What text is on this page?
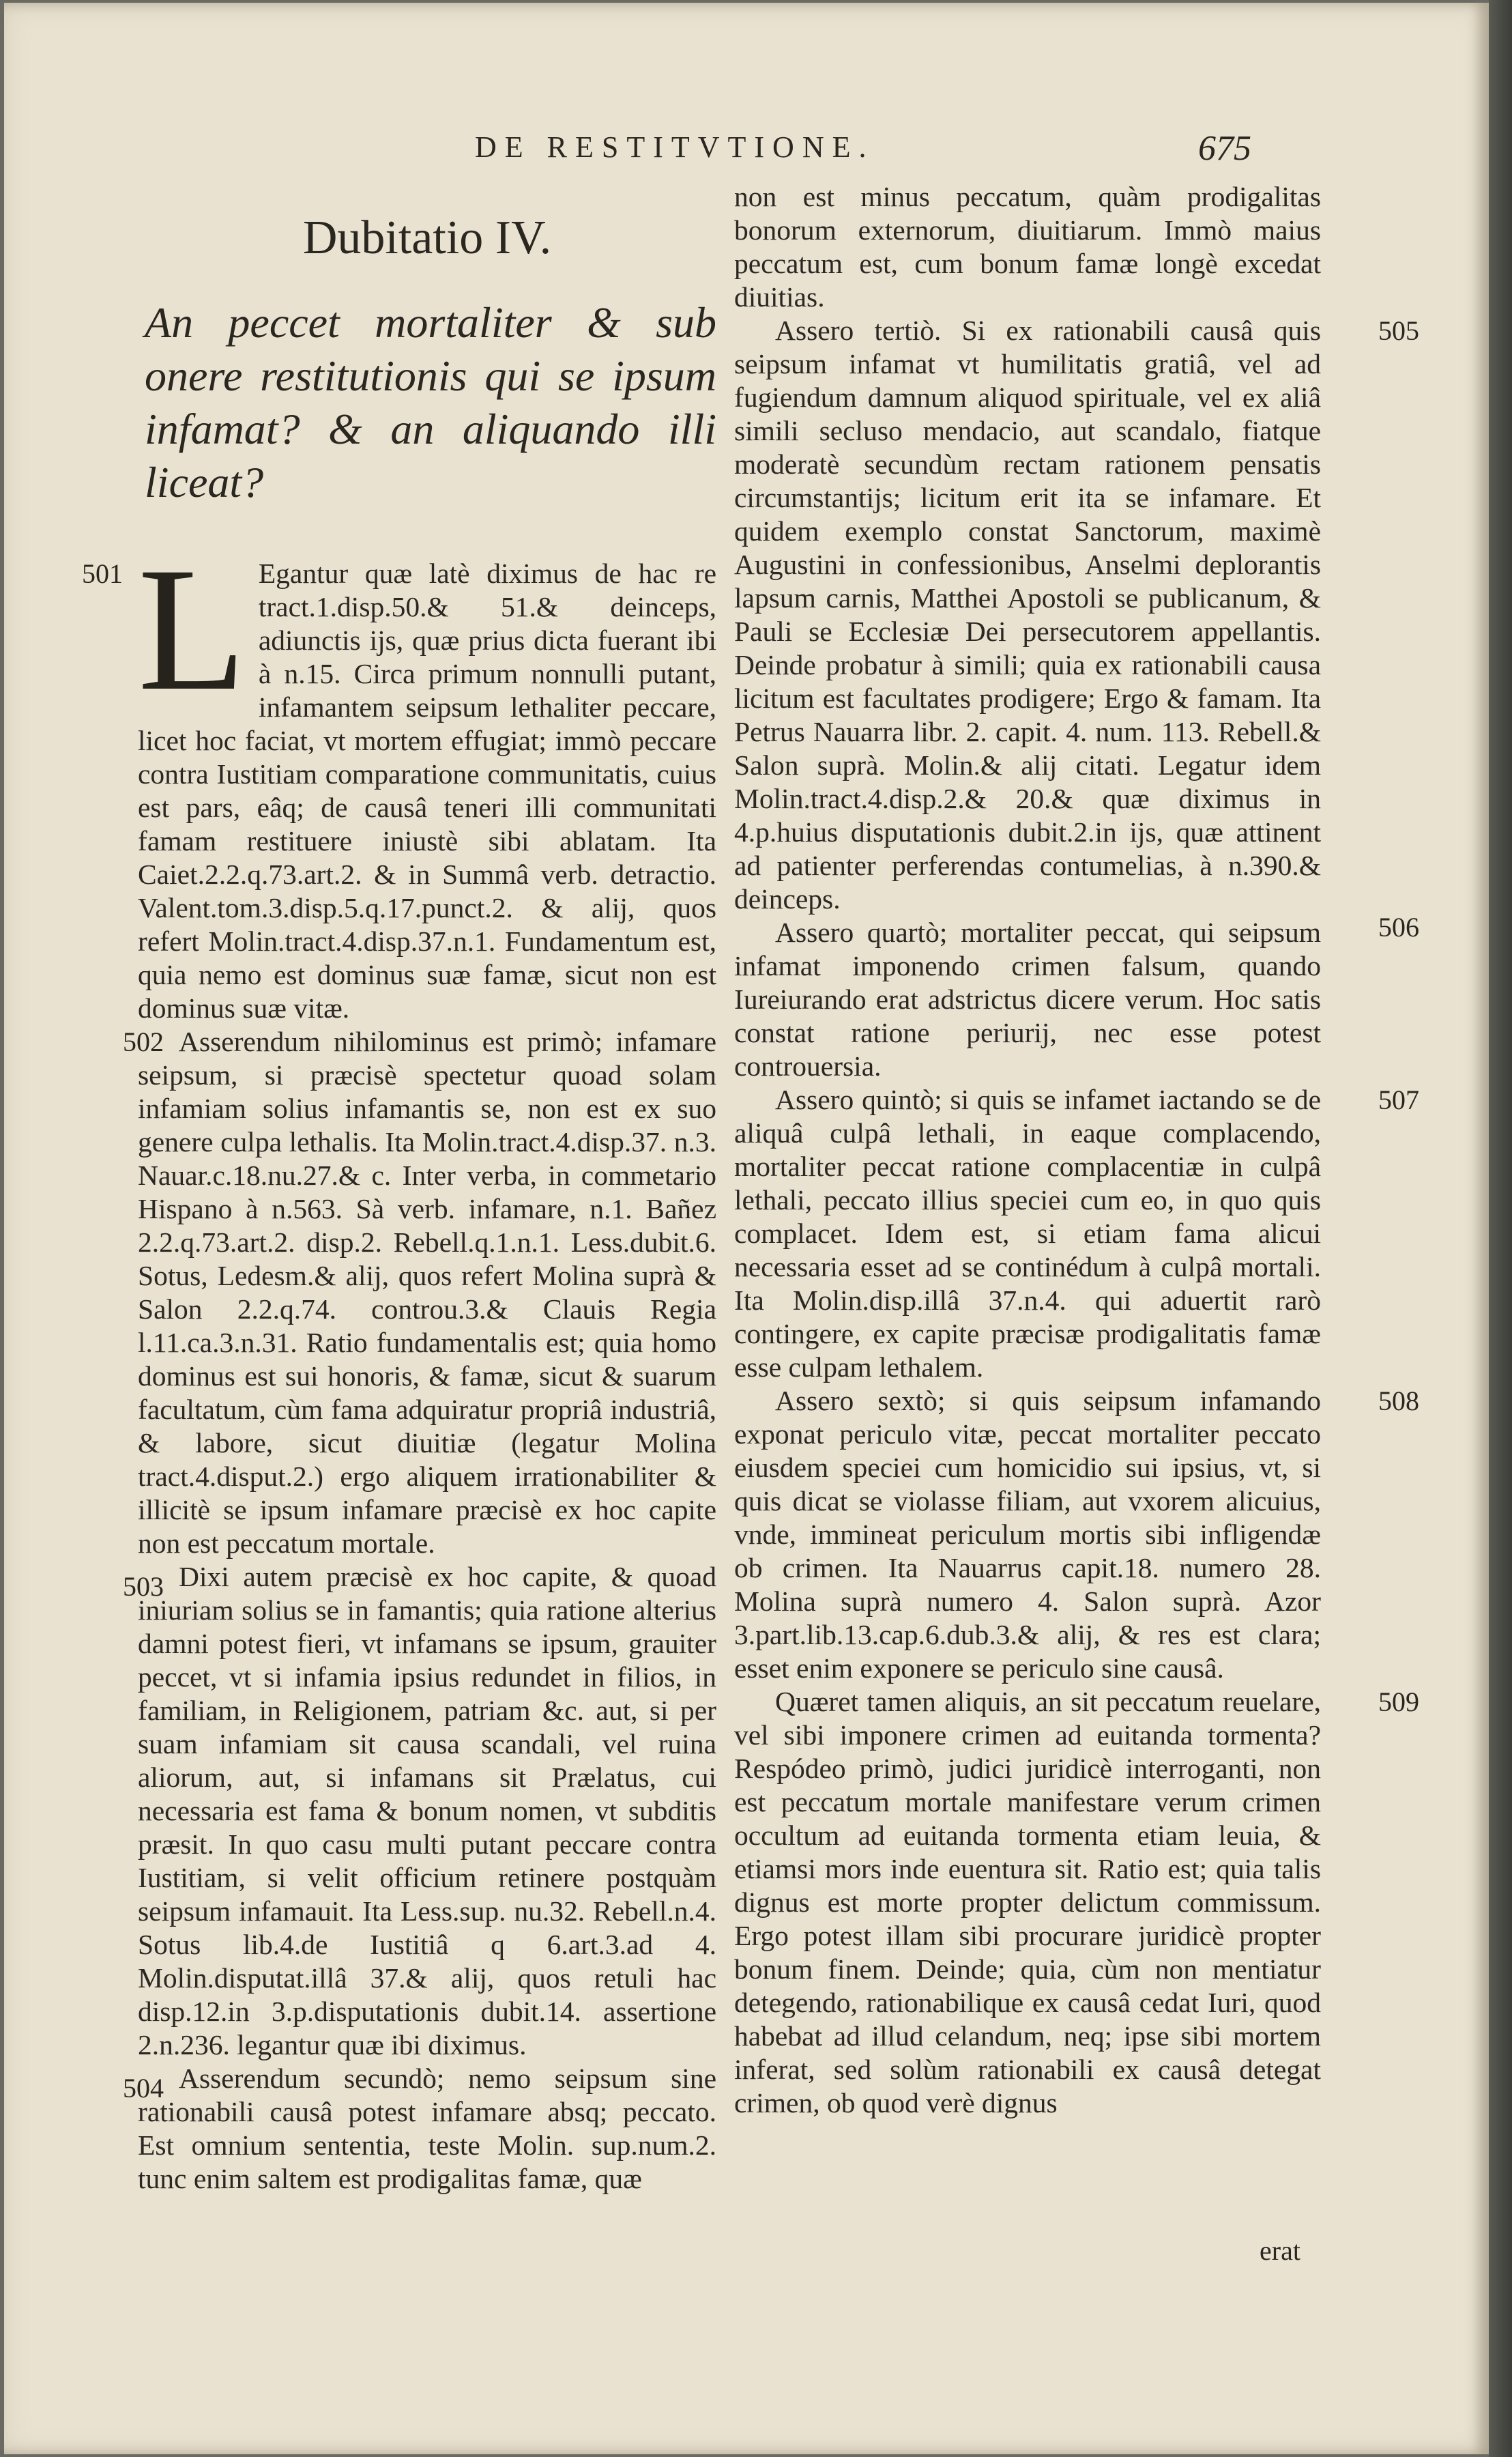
DE RESTITVTIONE.	675
Dubitatio IV.
An peccet mortaliter & sub onere restitutionis qui se ipsum infamat? & an aliquando illi liceat?

501 L Egantur quæ latè diximus de hac re tract.1.disp.50.& 51.& deinceps, adiunctis ijs, quæ prius dicta fuerant ibi à n.15. Circa primum nonnulli putant, infamantem seipsum lethaliter peccare, licet hoc faciat, vt mortem effugiat; immò peccare contra Iustitiam comparatione communitatis, cuius est pars, eâq; de causâ teneri illi communitati famam restituere iniustè sibi ablatam. Ita Caiet.2.2.q.73.art.2. & in Summâ verb. detractio. Valent.tom.3.disp.5.q.17.punct.2. & alij, quos refert Molin.tract.4.disp.37.n.1. Fundamentum est, quia nemo est dominus suæ famæ, sicut non est dominus suæ vitæ.

502 Asserendum nihilominus est primò; infamare seipsum, si præcisè spectetur quoad solam infamiam solius infamantis se, non est ex suo genere culpa lethalis. Ita Molin.tract.4.disp.37. n.3. Nauar.c.18.nu.27.& c. Inter verba, in commetario Hispano à n.563. Sà verb. infamare, n.1. Bañez 2.2.q.73.art.2. disp.2. Rebell.q.1.n.1. Less.dubit.6. Sotus, Ledesm.& alij, quos refert Molina suprà & Salon 2.2.q.74. controu.3.& Clauis Regia l.11.ca.3.n.31. Ratio fundamentalis est; quia homo dominus est sui honoris, & famæ, sicut & suarum facultatum, cùm fama adquiratur propriâ industriâ, & labore, sicut diuitiæ (legatur Molina tract.4.disput.2.) ergo aliquem irrationabiliter & illicitè se ipsum infamare præcisè ex hoc capite non est peccatum mortale.

503 Dixi autem præcisè ex hoc capite, & quoad iniuriam solius se in famantis; quia ratione alterius damni potest fieri, vt infamans se ipsum, grauiter peccet, vt si infamia ipsius redundet in filios, in familiam, in Religionem, patriam &c. aut, si per suam infamiam sit causa scandali, vel ruina aliorum, aut, si infamans sit Prælatus, cui necessaria est fama & bonum nomen, vt subditis præsit. In quo casu multi putant peccare contra Iustitiam, si velit officium retinere postquàm seipsum infamauit. Ita Less.sup. nu.32. Rebell.n.4. Sotus lib.4.de Iustitiâ q 6.art.3.ad 4. Molin.disputat.illâ 37.& alij, quos retuli hac disp.12.in 3.p.disputationis dubit.14. assertione 2.n.236. legantur quæ ibi diximus.

504 Asserendum secundò; nemo seipsum sine rationabili causâ potest infamare absq; peccato. Est omnium sententia, teste Molin. sup.num.2. tunc enim saltem est prodigalitas famæ, quæ

non est minus peccatum, quàm prodigalitas bonorum externorum, diuitiarum. Immò maius peccatum est, cum bonum famæ longè excedat diuitias.

505
Assero tertiò. Si ex rationabili causâ quis seipsum infamat vt humilitatis gratiâ, vel ad fugiendum damnum aliquod spirituale, vel ex aliâ simili secluso mendacio, aut scandalo, fiatque moderatè secundùm rectam rationem pensatis circumstantijs; licitum erit ita se infamare. Et quidem exemplo constat Sanctorum, maximè Augustini in confessionibus, Anselmi deplorantis lapsum carnis, Matthei Apostoli se publicanum, & Pauli se Ecclesiæ Dei persecutorem appellantis. Deinde probatur à simili; quia ex rationabili causa licitum est facultates prodigere; Ergo & famam. Ita Petrus Nauarra libr. 2. capit. 4. num. 113. Rebell.& Salon suprà. Molin.& alij citati. Legatur idem Molin.tract.4.disp.2.& 20.& quæ diximus in 4.p.huius disputationis dubit.2.in ijs, quæ attinent ad patienter perferendas contumelias, à n.390.& deinceps.

506
Assero quartò; mortaliter peccat, qui seipsum infamat imponendo crimen falsum, quando Iureiurando erat adstrictus dicere verum. Hoc satis constat ratione periurij, nec esse potest controuersia.

507
Assero quintò; si quis se infamet iactando se de aliquâ culpâ lethali, in eaque complacendo, mortaliter peccat ratione complacentiæ in culpâ lethali, peccato illius speciei cum eo, in quo quis complacet. Idem est, si etiam fama alicui necessaria esset ad se continédum à culpâ mortali. Ita Molin.disp.illâ 37.n.4. qui aduertit rarò contingere, ex capite præcisæ prodigalitatis famæ esse culpam lethalem.

508
Assero sextò; si quis seipsum infamando exponat periculo vitæ, peccat mortaliter peccato eiusdem speciei cum homicidio sui ipsius, vt, si quis dicat se violasse filiam, aut vxorem alicuius, vnde, immineat periculum mortis sibi infligendæ ob crimen. Ita Nauarrus capit.18. numero 28. Molina suprà numero 4. Salon suprà. Azor 3.part.lib.13.cap.6.dub.3.& alij, & res est clara; esset enim exponere se periculo sine causâ.

509
Quæret tamen aliquis, an sit peccatum reuelare, vel sibi imponere crimen ad euitanda tormenta? Respódeo primò, judici juridicè interroganti, non est peccatum mortale manifestare verum crimen occultum ad euitanda tormenta etiam leuia, & etiamsi mors inde euentura sit. Ratio est; quia talis dignus est morte propter delictum commissum. Ergo potest illam sibi procurare juridicè propter bonum finem. Deinde; quia, cùm non mentiatur detegendo, rationabilique ex causâ cedat Iuri, quod habebat ad illud celandum, neq; ipse sibi mortem inferat, sed solùm rationabili ex causâ detegat crimen, ob quod verè dignus

erat
